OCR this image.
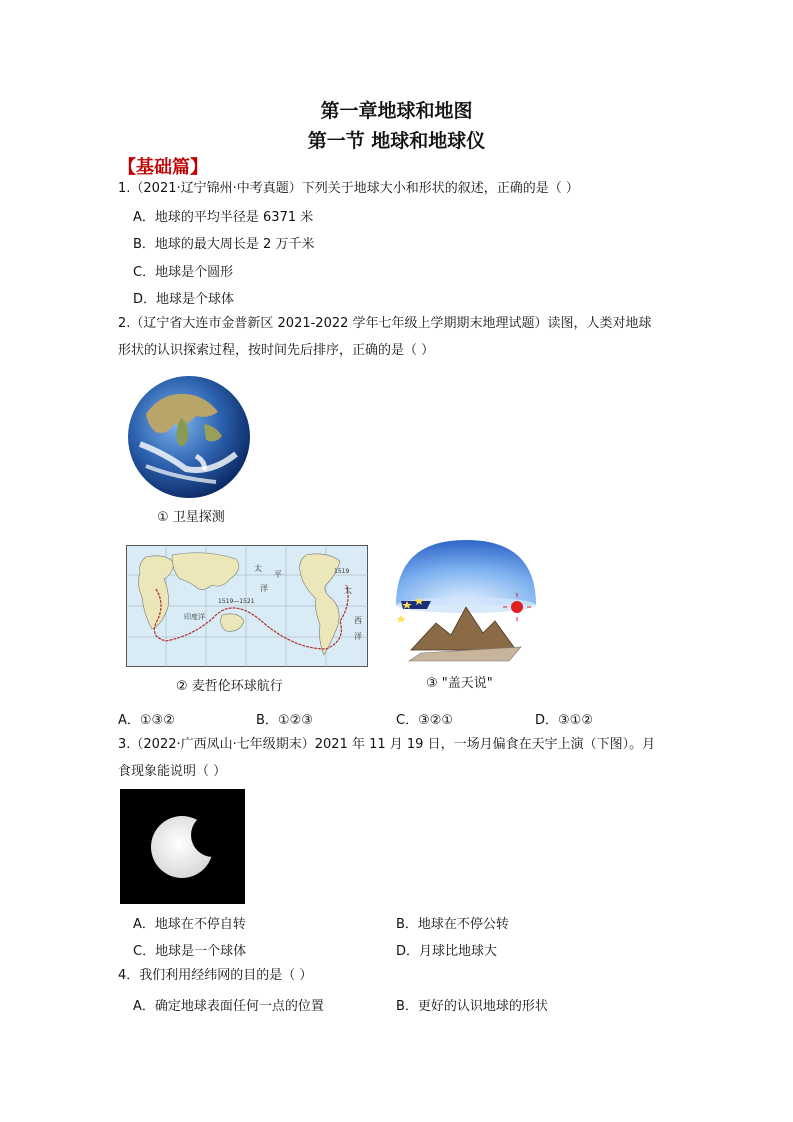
第一章地球和地图
第一节 地球和地球仪
【基础篇】
1.（2021·辽宁锦州·中考真题）下列关于地球大小和形状的叙述，正确的是（ ）
A．地球的平均半径是 6371 米
B．地球的最大周长是 2 万千米
C．地球是个圆形
D．地球是个球体
2.（辽宁省大连市金普新区 2021-2022 学年七年级上学期期末地理试题）读图，人类对地球
形状的认识探索过程，按时间先后排序，正确的是（ ）
① 卫星探测
太
平
洋	大
印度洋	西
洋
1519—1521
1519
② 麦哲伦环球航行	③ "盖天说"
A．①③②	B．①②③	C．③②①	D．③①②
3.（2022·广西凤山·七年级期末）2021 年 11 月 19 日，一场月偏食在天宇上演（下图）。月
食现象能说明（ ）
A．地球在不停自转	B．地球在不停公转
C．地球是一个球体	D．月球比地球大
4．我们利用经纬网的目的是（ ）
A．确定地球表面任何一点的位置	B．更好的认识地球的形状
